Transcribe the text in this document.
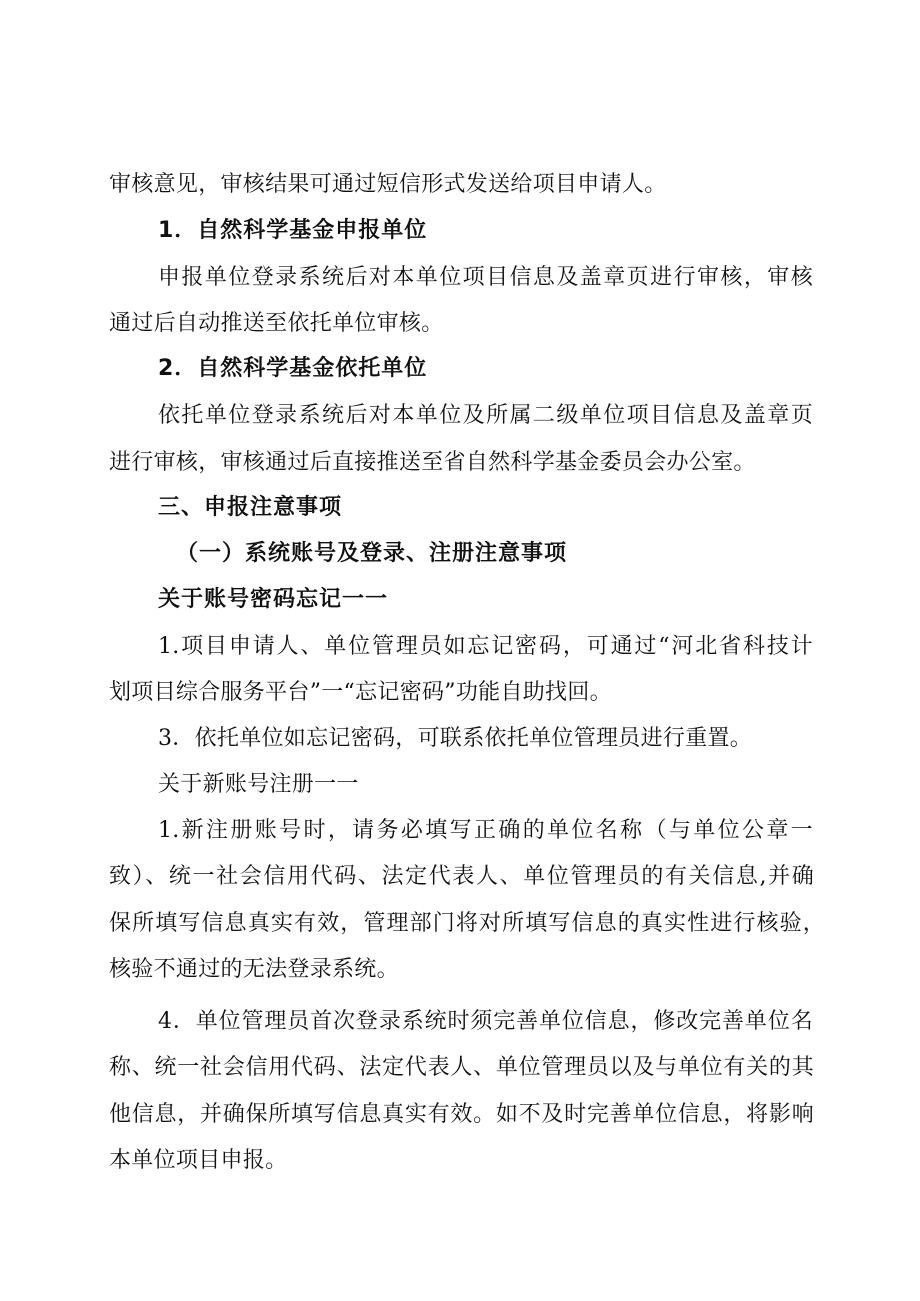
审核意见，审核结果可通过短信形式发送给项目申请人。
1．自然科学基金申报单位
申报单位登录系统后对本单位项目信息及盖章页进行审核，审核
通过后自动推送至依托单位审核。
2．自然科学基金依托单位
依托单位登录系统后对本单位及所属二级单位项目信息及盖章页
进行审核，审核通过后直接推送至省自然科学基金委员会办公室。
三、申报注意事项
（一）系统账号及登录、注册注意事项
关于账号密码忘记一一
1.项目申请人、单位管理员如忘记密码，可通过“河北省科技计
划项目综合服务平台”一“忘记密码”功能自助找回。
3．依托单位如忘记密码，可联系依托单位管理员进行重置。
关于新账号注册一一
1.新注册账号时，请务必填写正确的单位名称（与单位公章一
致）、统一社会信用代码、法定代表人、单位管理员的有关信息,并确
保所填写信息真实有效，管理部门将对所填写信息的真实性进行核验，
核验不通过的无法登录系统。
4．单位管理员首次登录系统时须完善单位信息，修改完善单位名
称、统一社会信用代码、法定代表人、单位管理员以及与单位有关的其
他信息，并确保所填写信息真实有效。如不及时完善单位信息，将影响
本单位项目申报。
